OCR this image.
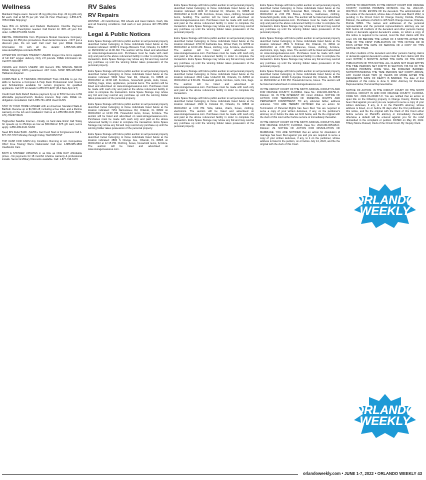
Wellness
Mainland Viagra users: Generic 18 mg pills price drop. 20 mg pills only $2 each. Call at $3.75 per pill. Visit 24 Hour Pharmacy: 1-855-475-7854 FREE Shipping!
Save BIG on Arthritis and Diabetic Medication. Flexible Payment Options. No Prescription needed. Call Doctor for 30% off your first order. 1-888-675-0054 SCAN
DENTAL INSURANCE from Physicians Mutual Insurance Company. Coverage for 350 plus procedures. Real dental insurance - NOT just a discount plan. Do not wait! Call now! Get your FREE Dental Information Kit with all the details! 1-855-526-1060 www.dental50plus.com/ads #6258
ATTENTION OXYGEN THERAPY USERS! Inogen One G4 is capable of full 24/7 oxygen delivery. Only 2.8 pounds. FREE information kit. Call 877-929-9587
VIAGRA and CIALIS USERS! 100 Generic Pills SPECIAL $99.00 FREE Shipping! 100% guaranteed. 24/7 CALL NOW! 888-445-5928 Hablamos Espanol
COMPUTER & IT TRAINING PROGRAM! Train ONLINE to get the skills to become a Computer & Help Desk Professional now! Grants and Scholarships available for certain programs for qualified applicants. Call CTI for details! 1-855-576-9237 (M-F 8am-6pm ET)
Credit Card Debt Relief! Reduce payment by up to 50%! Get one LOW affordable payment/month. Reduce interest. Stop calls. FREE no-obligation consultation Call 1-855-761-1456 Used GUNS
STAY IN YOUR HOME LONGER with an American Standard Walk-In Bathtub. Receive up to $1,500 off, including a free toilet, and a lifetime warranty on the tub and installation! Call us at 1-855-580-2431 (BCF-A71) HANDYMAN
HughesNet Satellite Internet - Finally, no hard data limits! Call Today for speeds up to 25mbps as low as $59.99/mo! $75 gift card, terms apply. 1-866-499-0141 SCAN
Need IRS Relief $10K - $125K+ Get Fresh Start or Forgiveness Call 1-877-707-5707 Monday through Friday 7AM-5PM PST
TOP CASH FOR CARS! Any Condition. Running or not. Competitive Offer! Free Towing! We're Nationwide! Call now: 1-888-985-1806 Use/Exotic Cars
BATH & SHOWER UPDATES in as little as ONE DAY! Affordable prices - No payments for 18 months! Lifetime warranty & professional installs. Senior & Military Discounts available. Call: 1-877-743-6170
RV Sales
RV Repairs
WANTED - All motorhomes, fifth wheels and travel trailers. Cash, title and all financing conditions. Call cash or text pictures 407-785-3450 Mike
Legal & Public Notices
Extra Space Storage will hold a public auction to sell personal property described below belonging to those individuals listed below at the location indicated: 12300 S Orange Blossom Trail, Orlando, FL 32837 on 06/21/2022 at 11:00 AM. The auction will be listed and advertised on www.storagetreasures.com. Purchases must be made with cash only and paid at the above referenced facility in order to complete the transaction. Extra Space Storage may refuse any bid and may rescind any purchase up until the winning bidder takes possession of the personal property.
Extra Space Storage will hold a public auction to sell personal property described below belonging to those individuals listed below at the location indicated: 5490 Silver Star Rd, Orlando, FL 32808 on 06/21/2022 at 10:30 AM. Furniture, household goods, tools, boxes, clothing, bags, totes, appliances, personal items. The auction will be listed and advertised on www.storagetreasures.com. Purchases must be made with cash only and paid at the above referenced facility in order to complete the transaction. Extra Space Storage may refuse any bid and may rescind any purchase up until the winning bidder takes possession of the personal property.
Extra Space Storage will hold a public auction to sell personal property described below belonging to those individuals listed below at the location indicated: 7151 Narcoossee Rd, Orlando, FL 32822 on 06/21/2022 at 12:00 PM. Household items, boxes, furniture. The auction will be listed and advertised on www.storagetreasures.com. Purchases must be made with cash only and paid at the above referenced facility in order to complete the transaction. Extra Space Storage may refuse any bid and may rescind any purchase up until the winning bidder takes possession of the personal property.
Extra Space Storage will hold a public auction to sell personal property described below belonging to those individuals listed below at the location indicated: 2800 S Orange Ave, Orlando, FL 32806 on 06/21/2022 at 12:15 PM. Clothing, boxes, household items, furniture. The auction will be listed and advertised on www.storagetreasures.com.
Extra Space Storage will hold a public auction to sell personal property described below belonging to those individuals listed below at the location indicated: 4400 W Colonial Dr, Orlando, FL 32808 on 06/21/2022 at 11:30 AM. Furniture, boxes, totes, clothing, household items, bedding. The auction will be listed and advertised on www.storagetreasures.com. Purchases must be made with cash only and paid at the above referenced facility in order to complete the transaction. Extra Space Storage may refuse any bid and may rescind any purchase up until the winning bidder takes possession of the personal property.
Extra Space Storage will hold a public auction to sell personal property described below belonging to those individuals listed below at the location indicated: 1700 W Fairbanks Ave, Winter Park, FL 32789 on 06/21/2022 at 10:00 AM. Boxes, clothing, toys, furniture, electronics. The auction will be listed and advertised on www.storagetreasures.com. Purchases must be made with cash only and paid at the above referenced facility in order to complete the transaction. Extra Space Storage may refuse any bid and may rescind any purchase up until the winning bidder takes possession of the personal property.
Extra Space Storage will hold a public auction to sell personal property described below belonging to those individuals listed below at the location indicated: 2301 Lake Underhill Rd, Orlando, FL 32803 on 06/21/2022 at 9:30 AM. Household goods, furniture, tools, bins, bags. The auction will be listed and advertised on www.storagetreasures.com. Purchases must be made with cash only and paid at the above referenced facility in order to complete the transaction.
Extra Space Storage will hold a public auction to sell personal property described below belonging to those individuals listed below at the location indicated: 1600 E Colonial Dr, Orlando, FL 32803 on 06/21/2022 at 1:00 PM. Sofa, tables, chairs, boxes, clothing, electronics. The auction will be listed and advertised on www.storagetreasures.com. Purchases must be made with cash only and paid at the above referenced facility in order to complete the transaction. Extra Space Storage may refuse any bid and may rescind any purchase up until the winning bidder takes possession of the personal property.
Extra Space Storage will hold a public auction to sell personal property described below belonging to those individuals listed below at the location indicated: 9100 Universal Blvd, Orlando, FL 32819 on 06/21/2022 at 2:00 PM. Boxes, furniture, mattresses, clothing, household goods, tools, totes. The auction will be listed and advertised on www.storagetreasures.com. Purchases must be made with cash only and paid at the above referenced facility in order to complete the transaction. Extra Space Storage may refuse any bid and may rescind any purchase up until the winning bidder takes possession of the personal property.
Extra Space Storage will hold a public auction to sell personal property described below belonging to those individuals listed below at the location indicated: 3501 S Kirkman Rd, Orlando, FL 32811 on 06/21/2022 at 2:30 PM. Appliances, boxes, clothing, furniture, electronics, toys, bags, totes. The auction will be listed and advertised on www.storagetreasures.com. Purchases must be made with cash only and paid at the above referenced facility in order to complete the transaction. Extra Space Storage may refuse any bid and may rescind any purchase up until the winning bidder takes possession of the personal property.
Extra Space Storage will hold a public auction to sell personal property described below belonging to those individuals listed below at the location indicated: 11920 S Apopka Vineland Rd, Orlando, FL 32836 on 06/21/2022 at 3:00 PM. Household items, boxes. The auction will be listed and advertised on www.storagetreasures.com.
IN THE CIRCUIT COURT OF THE NINTH JUDICIAL CIRCUIT IN AND FOR ORANGE COUNTY, FLORIDA. Case No.: 2022-DR-004791-O. Division: 34. IN THE INTEREST OF: minor children. NOTICE OF ACTION FOR TERMINATION OF PARENTAL RIGHTS AND PERMANENT COMMITMENT. TO: any unknown father, address unknown. YOU ARE HEREBY NOTIFIED that an action for Termination of Parental Rights has been filed. You are required to serve a copy of your written defenses, if any, on the petitioner's attorney on or before the date set forth below, and file the original with the clerk of this court either before service or immediately thereafter.
IN THE CIRCUIT COURT OF THE NINTH JUDICIAL CIRCUIT IN AND FOR ORANGE COUNTY, FLORIDA. Case No.: 2022-DR-005118-O. Division: 29. NOTICE OF ACTION FOR DISSOLUTION OF MARRIAGE. YOU ARE NOTIFIED that an action for dissolution of marriage has been filed against you and you are required to serve a copy of your written defenses, if any, to it on the petitioner, whose address is listed in the petition, on or before July 14, 2022, and file the original with the clerk of this Court.
NOTICE TO CREDITORS: IN THE CIRCUIT COURT FOR ORANGE COUNTY, FLORIDA PROBATE DIVISION. File No. 2022-CP-001736-O. IN RE: ESTATE OF the decedent. The administration of the estate of the decedent, whose date of death was March 2022, is pending in the Circuit Court for Orange County, Florida, Probate Division, the address of which is 425 North Orange Avenue, Orlando, Florida 32801. The names and addresses of the personal representative and the personal representative's attorney are set forth below. All creditors of the decedent and other persons having claims or demands against decedent's estate, on whom a copy of this notice is required to be served, must file their claims with this court ON OR BEFORE THE LATER OF 3 MONTHS AFTER THE TIME OF THE FIRST PUBLICATION OF THIS NOTICE OR 30 DAYS AFTER THE DATE OF SERVICE OF A COPY OF THIS NOTICE ON THEM.
All other creditors of the decedent and other persons having claims or demands against decedent's estate must file their claims with this court WITHIN 3 MONTHS AFTER THE DATE OF THE FIRST PUBLICATION OF THIS NOTICE. ALL CLAIMS NOT FILED WITHIN THE TIME PERIODS SET FORTH IN SECTION 733.702 OF THE FLORIDA PROBATE CODE WILL BE FOREVER BARRED. NOTWITHSTANDING THE TIME PERIODS SET FORTH ABOVE, ANY CLAIM FILED TWO (2) YEARS OR MORE AFTER THE DECEDENT'S DATE OF DEATH IS BARRED. The date of first publication of this notice is June 9, 2022. Attorney for Personal Representative; Personal Representative.
NOTICE OF ACTION. IN THE CIRCUIT COURT OF THE NINTH JUDICIAL CIRCUIT IN AND FOR ORANGE COUNTY, FLORIDA. CASE NO.: 2022-CA-004417-O. You are notified that an action to quiet title on the following property in Orange County, Florida has been filed against you and you are required to serve a copy of your written defenses, if any, to it on the Plaintiff's attorney, whose address is listed, on or before 30 days after the first publication of this notice, and file the original with the Clerk of this Court either before service on Plaintiff's attorney or immediately thereafter; otherwise a default will be entered against you for the relief demanded in the complaint or petition. DATED on May 26, 2022. Tiffany Moore Russell, Clerk of the Circuit Court. By: Deputy Clerk.
ORLANDO
WEEKLY
ORLANDO
WEEKLY
orlandoweekly.com • JUNE 1-7, 2022 • ORLANDO WEEKLY 43
